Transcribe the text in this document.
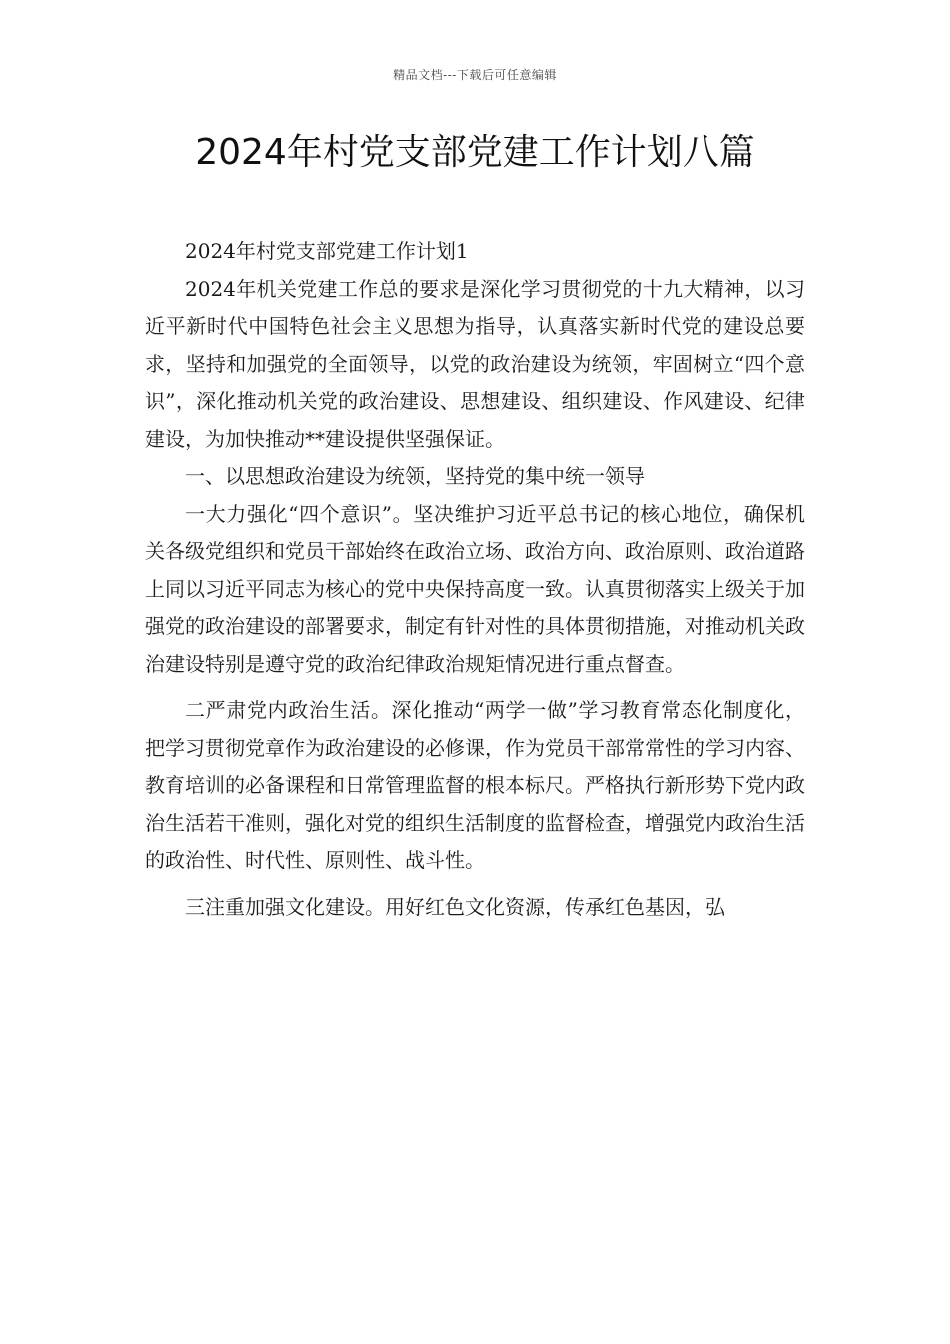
精品文档---下载后可任意编辑
2024年村党支部党建工作计划八篇

2024年村党支部党建工作计划1

2024年机关党建工作总的要求是深化学习贯彻党的十九大精神，以习近平新时代中国特色社会主义思想为指导，认真落实新时代党的建设总要求，坚持和加强党的全面领导，以党的政治建设为统领，牢固树立“四个意识”，深化推动机关党的政治建设、思想建设、组织建设、作风建设、纪律建设，为加快推动**建设提供坚强保证。

一、以思想政治建设为统领，坚持党的集中统一领导

一大力强化“四个意识”。坚决维护习近平总书记的核心地位，确保机关各级党组织和党员干部始终在政治立场、政治方向、政治原则、政治道路上同以习近平同志为核心的党中央保持高度一致。认真贯彻落实上级关于加强党的政治建设的部署要求，制定有针对性的具体贯彻措施，对推动机关政治建设特别是遵守党的政治纪律政治规矩情况进行重点督查。

二严肃党内政治生活。深化推动“两学一做”学习教育常态化制度化，把学习贯彻党章作为政治建设的必修课，作为党员干部常常性的学习内容、教育培训的必备课程和日常管理监督的根本标尺。严格执行新形势下党内政治生活若干准则，强化对党的组织生活制度的监督检查，增强党内政治生活的政治性、时代性、原则性、战斗性。

三注重加强文化建设。用好红色文化资源，传承红色基因，弘
